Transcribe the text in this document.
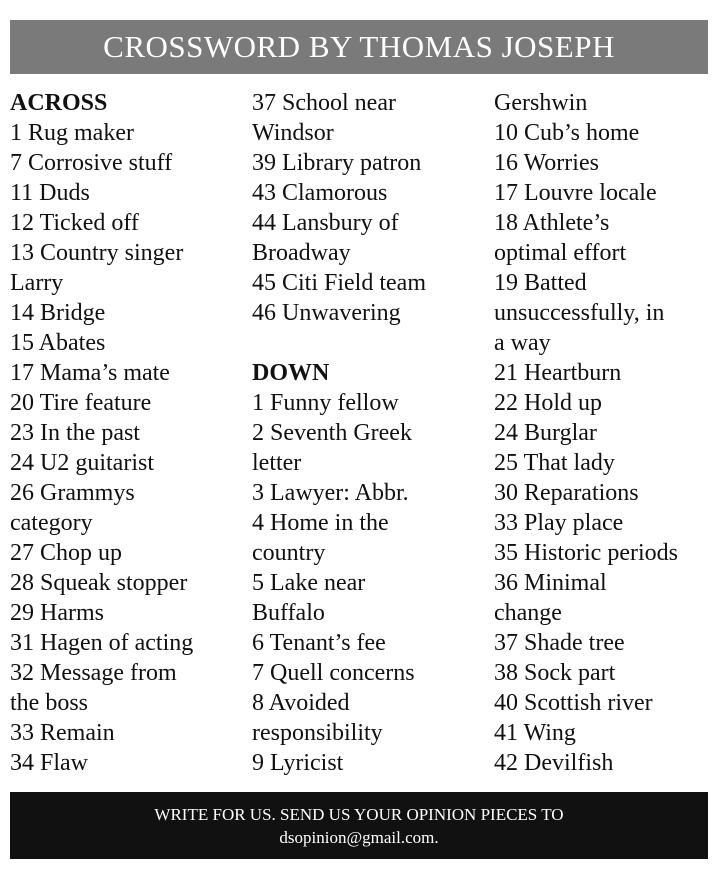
CROSSWORD BY THOMAS JOSEPH
ACROSS
1 Rug maker
7 Corrosive stuff
11 Duds
12 Ticked off
13 Country singer
Larry
14 Bridge
15 Abates
17 Mama’s mate
20 Tire feature
23 In the past
24 U2 guitarist
26 Grammys
category
27 Chop up
28 Squeak stopper
29 Harms
31 Hagen of acting
32 Message from
the boss
33 Remain
34 Flaw
37 School near
Windsor
39 Library patron
43 Clamorous
44 Lansbury of
Broadway
45 Citi Field team
46 Unwavering
DOWN
1 Funny fellow
2 Seventh Greek
letter
3 Lawyer: Abbr.
4 Home in the
country
5 Lake near
Buffalo
6 Tenant’s fee
7 Quell concerns
8 Avoided
responsibility
9 Lyricist
Gershwin
10 Cub’s home
16 Worries
17 Louvre locale
18 Athlete’s
optimal effort
19 Batted
unsuccessfully, in
a way
21 Heartburn
22 Hold up
24 Burglar
25 That lady
30 Reparations
33 Play place
35 Historic periods
36 Minimal
change
37 Shade tree
38 Sock part
40 Scottish river
41 Wing
42 Devilfish
WRITE FOR US. SEND US YOUR OPINION PIECES TO
dsopinion@gmail.com.
